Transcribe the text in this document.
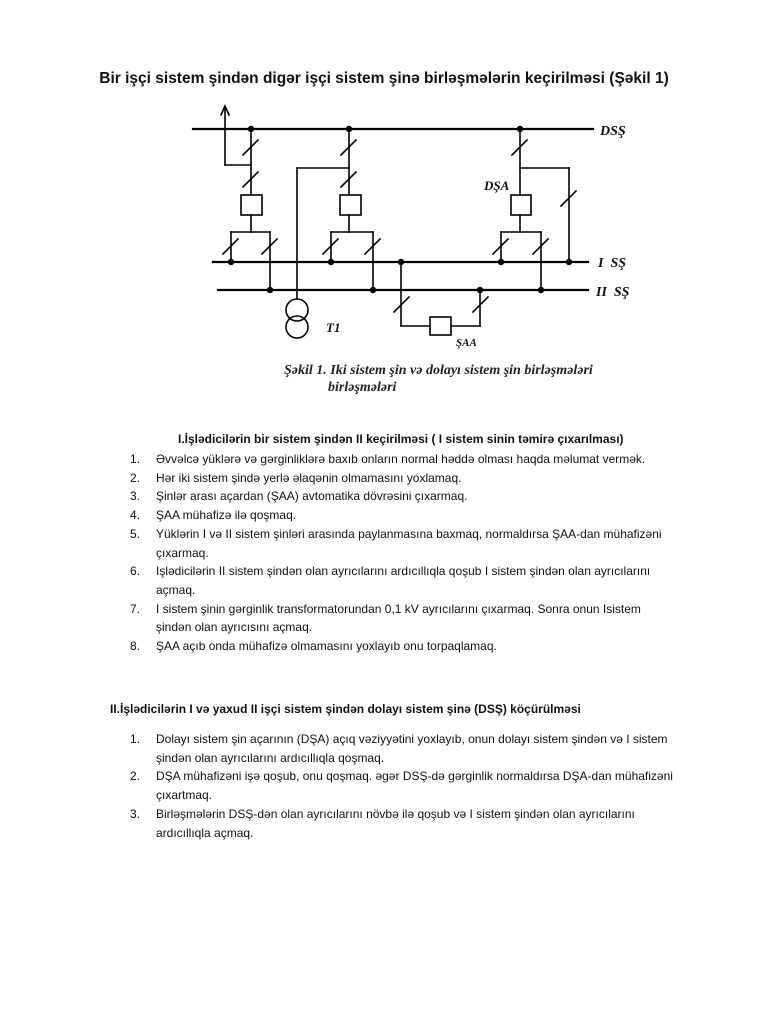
Bir işçi sistem şindən digər işçi sistem şinə birləşmələrin keçirilməsi (Şəkil 1)
DSŞ
DŞA
I  SŞ
II  SŞ
T1
ŞAA
Şəkil 1. Iki sistem şin və dolayı sistem şin birləşmələri
birləşmələri
I.İşlədicilərin bir sistem şindən II keçirilməsi ( I sistem sinin təmirə çıxarılması)
1. Əvvəlcə yüklərə və gərginliklərə baxıb onların normal həddə olması haqda məlumat vermək.
2. Hər iki sistem şində yerlə əlaqənin olmamasını yoxlamaq.
3. Şinlər arası açardan (ŞAA) avtomatika dövrəsini çıxarmaq.
4. ŞAA mühafizə ilə qoşmaq.
5. Yüklərin I və II sistem şinləri arasında paylanmasına baxmaq, normaldırsa ŞAA-dan mühafizəni
çıxarmaq.
6. Işlədicilərin II sistem şindən olan ayrıcılarını ardıcıllıqla qoşub I sistem şindən olan ayrıcılarını
açmaq.
7. I sistem şinin gərginlik transformatorundan 0,1 kV ayrıcılarını çıxarmaq. Sonra onun Isistem
şindən olan ayrıcısını açmaq.
8. ŞAA açıb onda mühafizə olmamasını yoxlayıb onu torpaqlamaq.
II.İşlədicilərin I və yaxud II işçi sistem şindən dolayı sistem şinə (DSŞ) köçürülməsi
1. Dolayı sistem şin açarının (DŞA) açıq vəziyyətini yoxlayıb, onun dolayı sistem şindən və I sistem
şindən olan ayrıcılarını ardıcıllıqla qoşmaq.
2. DŞA mühafizəni işə qoşub, onu qoşmaq. əgər DSŞ-də gərginlik normaldırsa DŞA-dan mühafizəni
çıxartmaq.
3. Birləşmələrin DSŞ-dən olan ayrıcılarını növbə ilə qoşub və I sistem şindən olan ayrıcılarını
ardıcıllıqla açmaq.
